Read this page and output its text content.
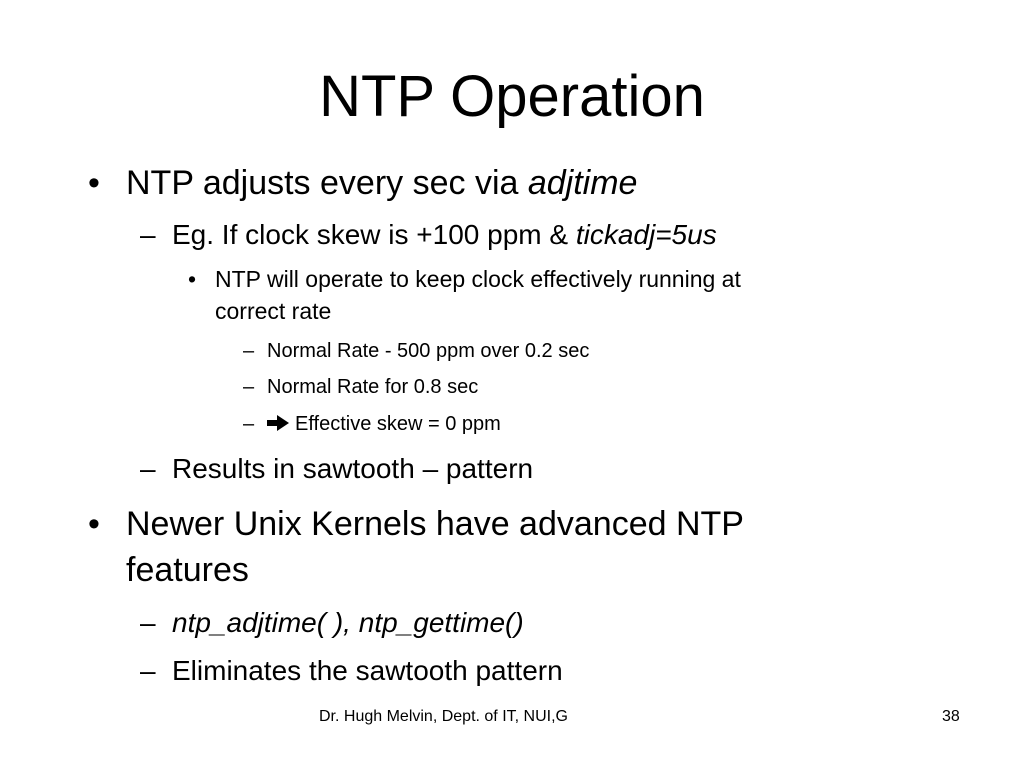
NTP Operation
• NTP adjusts every sec via adjtime
– Eg. If clock skew is +100 ppm & tickadj=5us
• NTP will operate to keep clock effectively running at
correct rate
– Normal Rate - 500 ppm over 0.2 sec
– Normal Rate for 0.8 sec
–	Effective skew = 0 ppm
– Results in sawtooth – pattern
• Newer Unix Kernels have advanced NTP
features
– ntp_adjtime( ), ntp_gettime()
– Eliminates the sawtooth pattern
Dr. Hugh Melvin, Dept. of IT, NUI,G	38
